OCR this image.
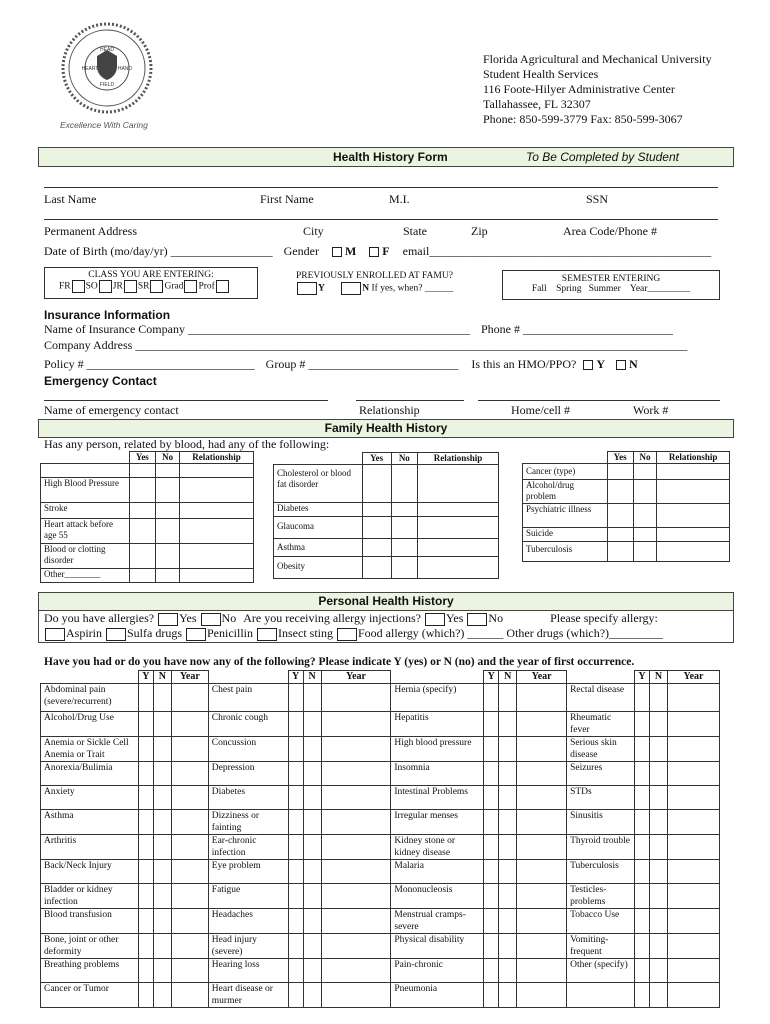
HEAD
HEART	HAND
FIELD
Excellence With Caring
Florida Agricultural and Mechanical University
Student Health Services
116 Foote-Hilyer Administrative Center
Tallahassee, FL 32307
Phone: 850-599-3779 Fax: 850-599-3067
Health History Form	To Be Completed by Student
Last Name	First Name	M.I.	SSN
Permanent Address	City	State	Zip	Area Code/Phone #
Date of Birth (mo/day/yr) _________________ Gender M F email_______________________________________________
CLASS YOU ARE ENTERING:
FR SO JR SR Grad Prof
PREVIOUSLY ENROLLED AT FAMU?
Y	N If yes, when? ______
SEMESTER ENTERING
Fall    Spring   Summer    Year_________
Insurance Information
Name of Insurance Company _______________________________________________ Phone # _________________________
Company Address ____________________________________________________________________________________________
Policy # ____________________________ Group # _________________________ Is this an HMO/PPO? Y N
Emergency Contact
Name of emergency contact	Relationship	Home/cell #	Work #
Family Health History
Has any person, related by blood, had any of the following:
	Yes	No	Relationship

High Blood Pressure			
Stroke			
Heart attack before age 55			
Blood or clotting disorder			
Other________			
	Yes	No	Relationship
Cholesterol or blood fat disorder			
Diabetes			
Glaucoma			
Asthma			
Obesity			
	Yes	No	Relationship
Cancer (type)			
Alcohol/drug problem			
Psychiatric illness			
Suicide			
Tuberculosis			
Personal Health History
Do you have allergies? Yes No Are you receiving allergy injections? Yes No	Please specify allergy:
Aspirin Sulfa drugs Penicillin Insect sting Food allergy (which?) ______ Other drugs (which?)_________
Have you had or do you have now any of the following? Please indicate Y (yes) or N (no) and the year of first occurrence.
	Y	N	Year		Y	N	Year		Y	N	Year		Y	N	Year
Abdominal pain (severe/recurrent)				Chest pain				Hernia (specify)				Rectal disease			
Alcohol/Drug Use				Chronic cough				Hepatitis				Rheumatic fever			
Anemia or Sickle Cell Anemia or Trait				Concussion				High blood pressure				Serious skin disease			
Anorexia/Bulimia				Depression				Insomnia				Seizures			
Anxiety				Diabetes				Intestinal Problems				STDs			
Asthma				Dizziness or fainting				Irregular menses				Sinusitis			
Arthritis				Ear-chronic infection				Kidney stone or kidney disease				Thyroid trouble			
Back/Neck Injury				Eye problem				Malaria				Tuberculosis			
Bladder or kidney infection				Fatigue				Mononucleosis				Testicles-problems			
Blood transfusion				Headaches				Menstrual cramps-severe				Tobacco Use			
Bone, joint or other deformity				Head injury (severe)				Physical disability				Vomiting-frequent			
Breathing problems				Hearing loss				Pain-chronic				Other (specify)			
Cancer or Tumor				Heart disease or murmer				Pneumonia							
